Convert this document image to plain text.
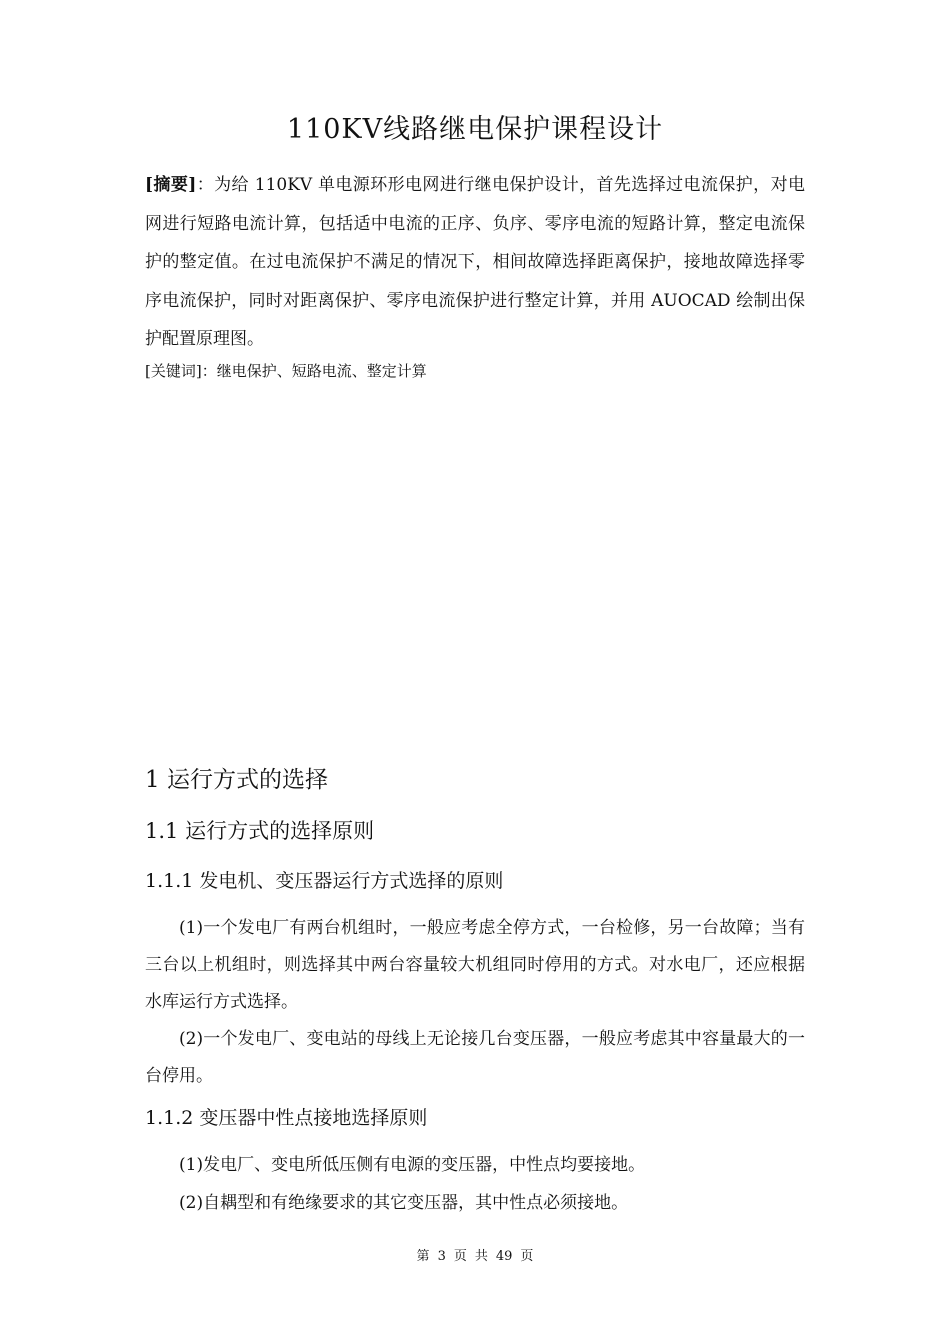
110KV线路继电保护课程设计

[摘要]：为给 110KV 单电源环形电网进行继电保护设计，首先选择过电流保护，对电网进行短路电流计算，包括适中电流的正序、负序、零序电流的短路计算，整定电流保护的整定值。在过电流保护不满足的情况下，相间故障选择距离保护，接地故障选择零序电流保护，同时对距离保护、零序电流保护进行整定计算，并用 AUOCAD 绘制出保护配置原理图。

[关键词]：继电保护、短路电流、整定计算

1 运行方式的选择
1.1 运行方式的选择原则
1.1.1 发电机、变压器运行方式选择的原则

(1)一个发电厂有两台机组时，一般应考虑全停方式，一台检修，另一台故障；当有三台以上机组时，则选择其中两台容量较大机组同时停用的方式。对水电厂，还应根据水库运行方式选择。

(2)一个发电厂、变电站的母线上无论接几台变压器，一般应考虑其中容量最大的一台停用。

1.1.2 变压器中性点接地选择原则

(1)发电厂、变电所低压侧有电源的变压器，中性点均要接地。

(2)自耦型和有绝缘要求的其它变压器，其中性点必须接地。

第 3 页 共 49 页
